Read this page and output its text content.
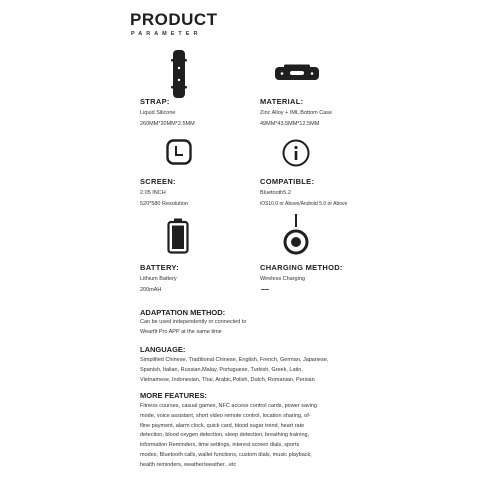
PRODUCT
PARAMETER
STRAP:
Liquid Silicone
260MM*20MM*2.5MM
MATERIAL:
Zinc Alloy + IML Bottom Case
49MM*43.5MM*12.5MM
SCREEN:
2.05 INCH
520*580 Resolution
COMPATIBLE:
Bluetooth5.2
iOS10.0 or Above/Android 5.0 or Above
BATTERY:
Lithium Battery
200mAH
CHARGING METHOD:
Wireless Charging
ADAPTATION METHOD:
Can be used independently or connected to
Wearfit Pro APP at the same time
LANGUAGE:
Simplified Chinese, Traditional Chinese, English, French, German, Japanese,
Spanish, Italian, Russian,Malay, Portuguese, Turkish, Greek, Latin,
Vietnamese, Indonesian, Thai, Arabic,Polish, Dutch, Romanian, Persian
MORE FEATURES:
Fitness courses, casual games, NFC access control cards, power saving
mode, voice assistant, short video remote control, location sharing, of-
fline payment, alarm clock, quick card, blood sugar trend, heart rate
detection, blood oxygen detection, sleep detection, breathing training,
information Reminders, time settings, interest screen dials, sports
modes, Bluetooth calls, wallet functions, custom dials, music playback,
health reminders, weather/weather...etc
